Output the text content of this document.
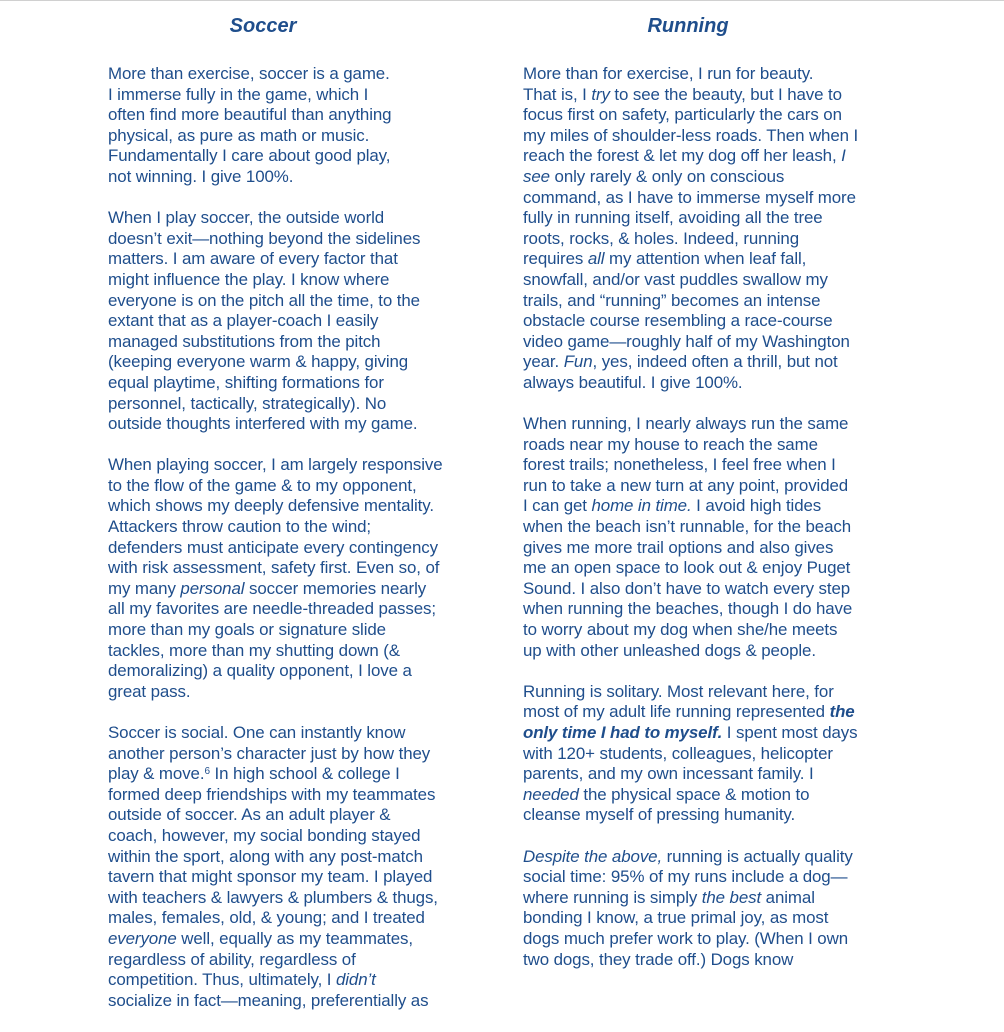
Soccer

More than exercise, soccer is a game.
I immerse fully in the game, which I
often find more beautiful than anything
physical, as pure as math or music.
Fundamentally I care about good play,
not winning. I give 100%.

When I play soccer, the outside world
doesn’t exit—nothing beyond the sidelines
matters. I am aware of every factor that
might influence the play. I know where
everyone is on the pitch all the time, to the
extant that as a player-coach I easily
managed substitutions from the pitch
(keeping everyone warm & happy, giving
equal playtime, shifting formations for
personnel, tactically, strategically). No
outside thoughts interfered with my game.

When playing soccer, I am largely responsive
to the flow of the game & to my opponent,
which shows my deeply defensive mentality.
Attackers throw caution to the wind;
defenders must anticipate every contingency
with risk assessment, safety first. Even so, of
my many personal soccer memories nearly
all my favorites are needle-threaded passes;
more than my goals or signature slide
tackles, more than my shutting down (&
demoralizing) a quality opponent, I love a
great pass.

Soccer is social. One can instantly know
another person’s character just by how they
play & move.$^6$ In high school & college I
formed deep friendships with my teammates
outside of soccer. As an adult player &
coach, however, my social bonding stayed
within the sport, along with any post-match
tavern that might sponsor my team. I played
with teachers & lawyers & plumbers & thugs,
males, females, old, & young; and I treated
everyone well, equally as my teammates,
regardless of ability, regardless of
competition. Thus, ultimately, I didn’t
socialize in fact—meaning, preferentially as

Running

More than for exercise, I run for beauty.
That is, I try to see the beauty, but I have to
focus first on safety, particularly the cars on
my miles of shoulder-less roads. Then when I
reach the forest & let my dog off her leash, I
see only rarely & only on conscious
command, as I have to immerse myself more
fully in running itself, avoiding all the tree
roots, rocks, & holes. Indeed, running
requires all my attention when leaf fall,
snowfall, and/or vast puddles swallow my
trails, and “running” becomes an intense
obstacle course resembling a race-course
video game—roughly half of my Washington
year. Fun, yes, indeed often a thrill, but not
always beautiful. I give 100%.

When running, I nearly always run the same
roads near my house to reach the same
forest trails; nonetheless, I feel free when I
run to take a new turn at any point, provided
I can get home in time. I avoid high tides
when the beach isn’t runnable, for the beach
gives me more trail options and also gives
me an open space to look out & enjoy Puget
Sound. I also don’t have to watch every step
when running the beaches, though I do have
to worry about my dog when she/he meets
up with other unleashed dogs & people.

Running is solitary. Most relevant here, for
most of my adult life running represented the
only time I had to myself. I spent most days
with 120+ students, colleagues, helicopter
parents, and my own incessant family. I
needed the physical space & motion to
cleanse myself of pressing humanity.

Despite the above, running is actually quality
social time: 95% of my runs include a dog—
where running is simply the best animal
bonding I know, a true primal joy, as most
dogs much prefer work to play. (When I own
two dogs, they trade off.) Dogs know
